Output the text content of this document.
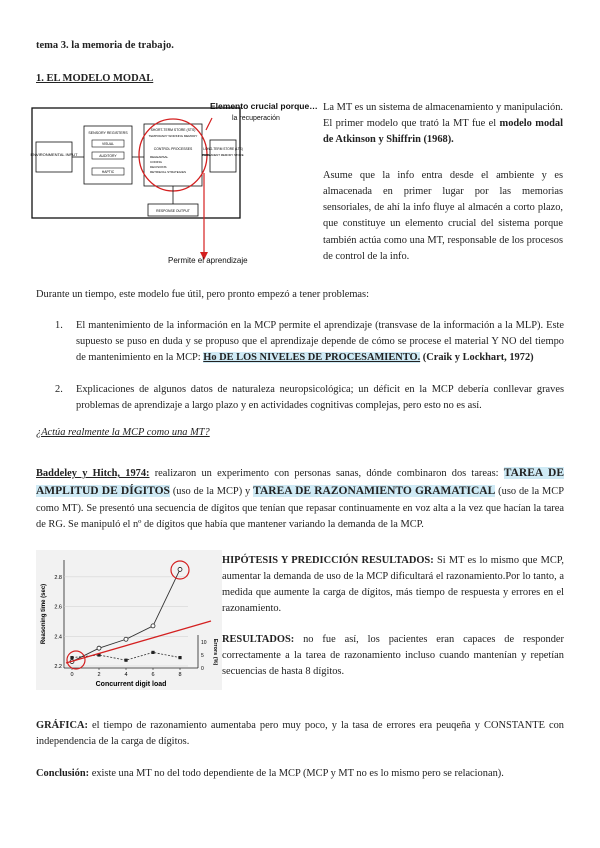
tema 3. la memoria de trabajo.
1. EL MODELO MODAL
ENVIRONMENTAL INPUT
SENSORY REGISTERS
VISUAL
AUDITORY
HAPTIC
SHORT-TERM STORE (STS)
TEMPORARY WORKING MEMORY
CONTROL PROCESSES
REHEARSAL
CODING
DECISIONS
RETRIEVAL STRATEGIES
LONG-TERM STORE (LTS)
PERMANENT MEMORY STORE
RESPONSE OUTPUT
Elemento crucial porque…
la recuperación
Permite el aprendizaje
La MT es un sistema de almacenamiento y manipulación. El primer modelo que trató la MT fue el modelo modal de Atkinson y Shiffrin (1968).
Asume que la info entra desde el ambiente y es almacenada en primer lugar por las memorias sensoriales, de ahí la info fluye al almacén a corto plazo, que constituye un elemento crucial del sistema porque también actúa como una MT, responsable de los procesos de control de la info.
Durante un tiempo, este modelo fue útil, pero pronto empezó a tener problemas:
1. El mantenimiento de la información en la MCP permite el aprendizaje (transvase de la información a la MLP). Este supuesto se puso en duda y se propuso que el aprendizaje depende de cómo se procese el material Y NO del tiempo de mantenimiento en la MCP: Ho DE LOS NIVELES DE PROCESAMIENTO. (Craik y Lockhart, 1972)
2. Explicaciones de algunos datos de naturaleza neuropsicológica; un déficit en la MCP debería conllevar graves problemas de aprendizaje a largo plazo y en actividades cognitivas complejas, pero esto no es así.
¿Actúa realmente la MCP como una MT?
Baddeley y Hitch, 1974: realizaron un experimento con personas sanas, dónde combinaron dos tareas: TAREA DE AMPLITUD DE DÍGITOS (uso de la MCP) y TAREA DE RAZONAMIENTO GRAMATICAL (uso de la MCP como MT). Se presentó una secuencia de dígitos que tenían que repasar continuamente en voz alta a la vez que hacían la tarea de RG. Se manipuló el nº de dígitos que había que mantener variando la demanda de la MCP.
2.2
2.4
2.6
2.8
0	2	4	6	8
0
5
10
Concurrent digit load
Reasoning time (sec)
Errors (%)
HIPÓTESIS Y PREDICCIÓN RESULTADOS: Si MT es lo mismo que MCP, aumentar la demanda de uso de la MCP dificultará el razonamiento.Por lo tanto, a medida que aumente la carga de dígitos, más tiempo de respuesta y errores en el razonamiento.
RESULTADOS: no fue así, los pacientes eran capaces de responder correctamente a la tarea de razonamiento incluso cuando mantenían y repetían secuencias de hasta 8 dígitos.
GRÁFICA: el tiempo de razonamiento aumentaba pero muy poco, y la tasa de errores era peuqeña y CONSTANTE con independencia de la carga de dígitos.
Conclusión: existe una MT no del todo dependiente de la MCP (MCP y MT no es lo mismo pero se relacionan).
